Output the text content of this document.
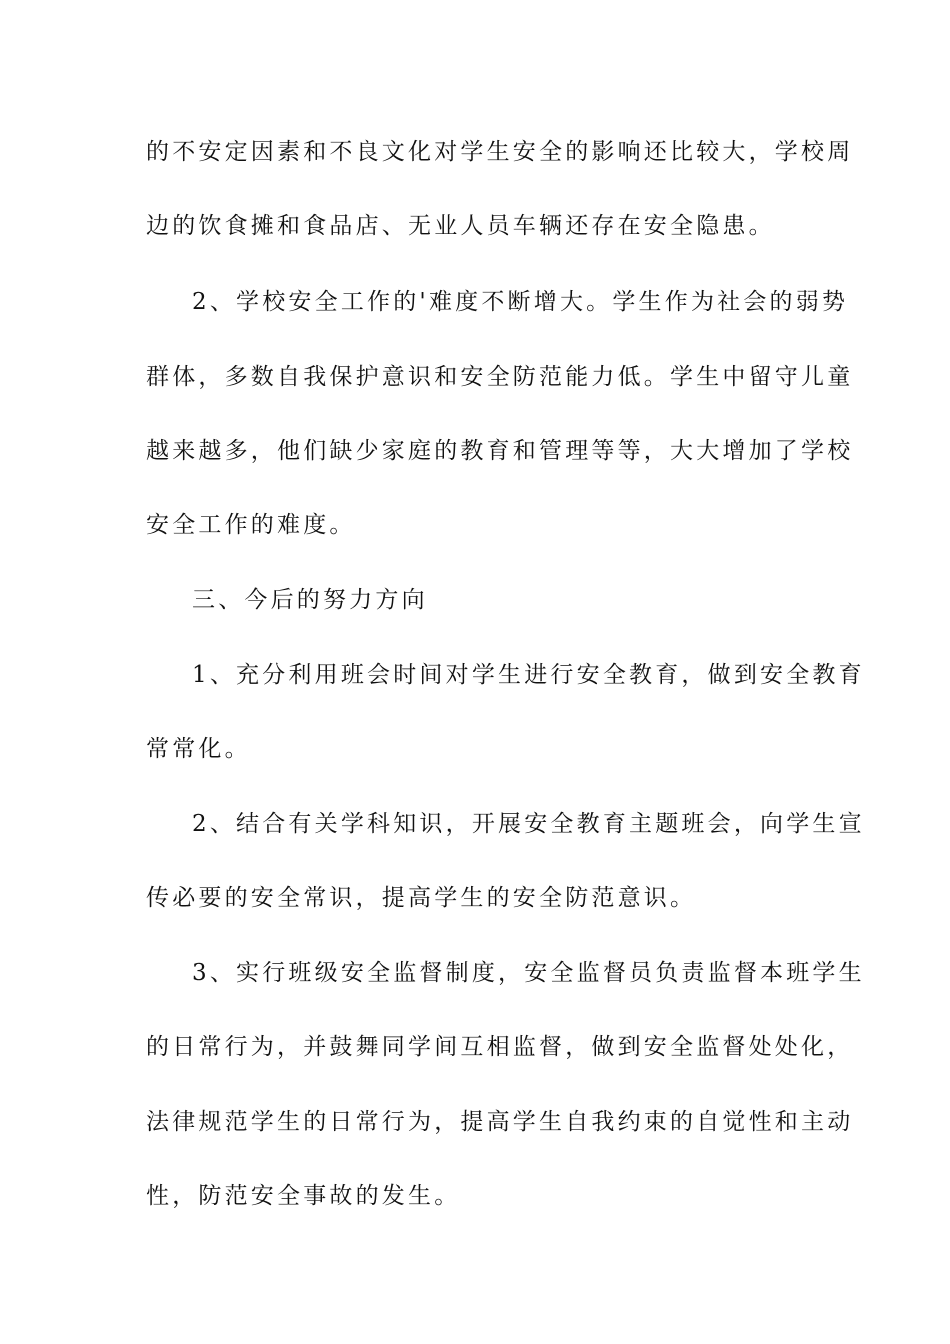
的不安定因素和不良文化对学生安全的影响还比较大，学校周
边的饮食摊和食品店、无业人员车辆还存在安全隐患。
2、学校安全工作的'难度不断增大。学生作为社会的弱势
群体，多数自我保护意识和安全防范能力低。学生中留守儿童
越来越多，他们缺少家庭的教育和管理等等，大大增加了学校
安全工作的难度。
三、今后的努力方向
1、充分利用班会时间对学生进行安全教育，做到安全教育
常常化。
2、结合有关学科知识，开展安全教育主题班会，向学生宣
传必要的安全常识，提高学生的安全防范意识。
3、实行班级安全监督制度，安全监督员负责监督本班学生
的日常行为，并鼓舞同学间互相监督，做到安全监督处处化，
法律规范学生的日常行为，提高学生自我约束的自觉性和主动
性，防范安全事故的发生。
